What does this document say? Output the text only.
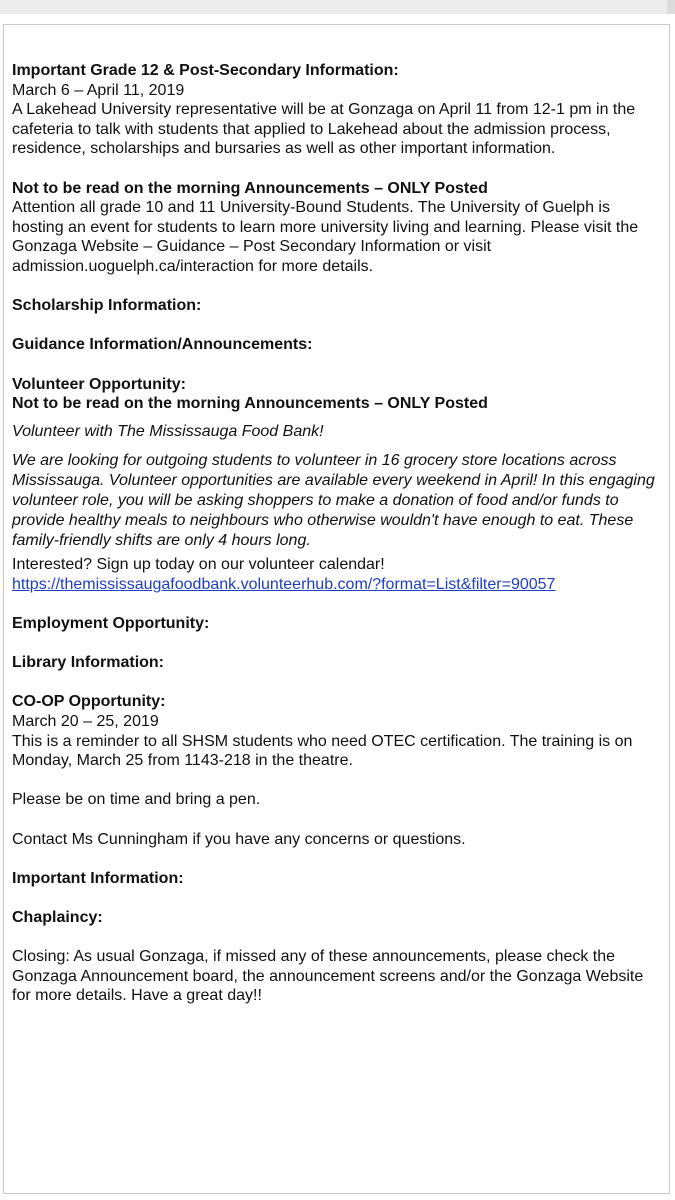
Important Grade 12 & Post-Secondary Information:

March 6 – April 11, 2019

A Lakehead University representative will be at Gonzaga on April 11 from 12-1 pm in the cafeteria to talk with students that applied to Lakehead about the admission process, residence, scholarships and bursaries as well as other important information.

Not to be read on the morning Announcements – ONLY Posted

Attention all grade 10 and 11 University-Bound Students. The University of Guelph is hosting an event for students to learn more university living and learning. Please visit the Gonzaga Website – Guidance – Post Secondary Information or visit admission.uoguelph.ca/interaction for more details.

Scholarship Information:

Guidance Information/Announcements:

Volunteer Opportunity:

Not to be read on the morning Announcements – ONLY Posted

Volunteer with The Mississauga Food Bank!

We are looking for outgoing students to volunteer in 16 grocery store locations across Mississauga. Volunteer opportunities are available every weekend in April! In this engaging volunteer role, you will be asking shoppers to make a donation of food and/or funds to provide healthy meals to neighbours who otherwise wouldn't have enough to eat. These family-friendly shifts are only 4 hours long.

Interested? Sign up today on our volunteer calendar!

https://themississaugafoodbank.volunteerhub.com/?format=List&filter=90057

Employment Opportunity:

Library Information:

CO-OP Opportunity:

March 20 – 25, 2019

This is a reminder to all SHSM students who need OTEC certification. The training is on Monday, March 25 from 1143-218 in the theatre.

Please be on time and bring a pen.

Contact Ms Cunningham if you have any concerns or questions.

Important Information:

Chaplaincy:

Closing: As usual Gonzaga, if missed any of these announcements, please check the Gonzaga Announcement board, the announcement screens and/or the Gonzaga Website for more details. Have a great day!!
